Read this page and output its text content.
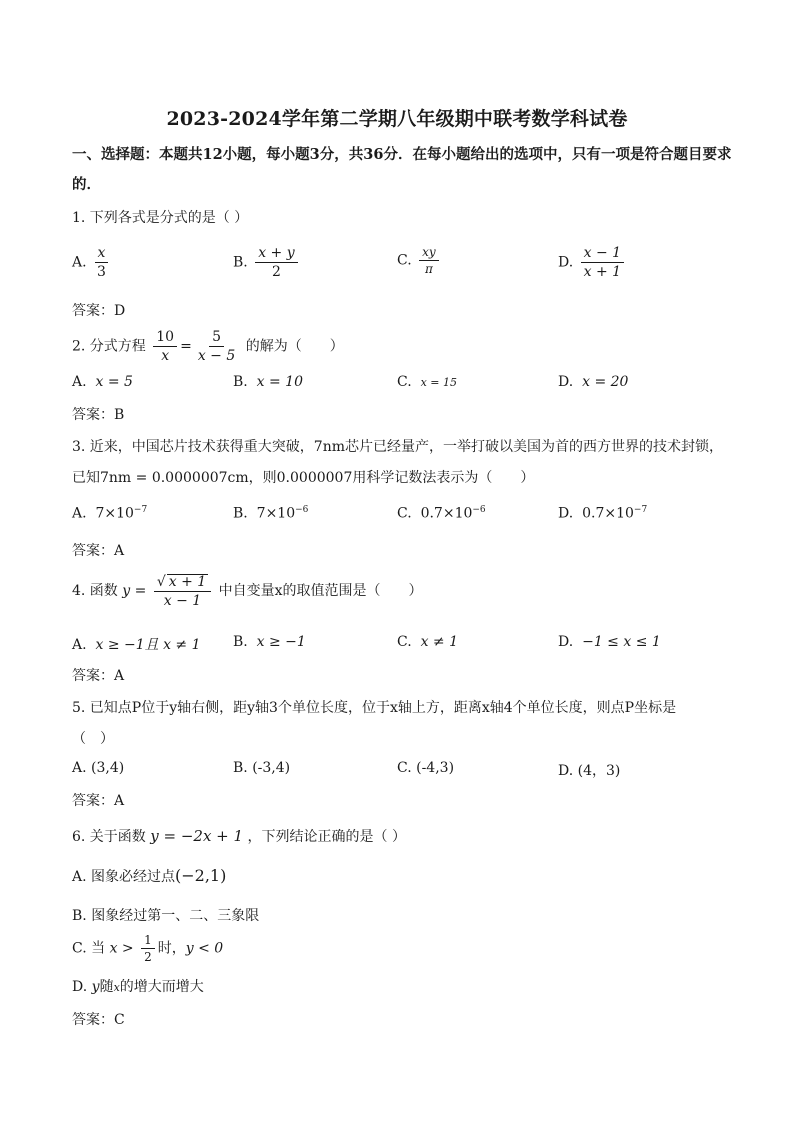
2023-2024学年第二学期八年级期中联考数学科试卷
一、选择题：本题共12小题，每小题3分，共36分．在每小题给出的选项中，只有一项是符合题目要求的．
1. 下列各式是分式的是（ ）
A. $\frac{x}{3}$	B. $\frac{x + y}{2}$	C. $\frac{xy}{\pi}$	D. $\frac{x - 1}{x + 1}$
答案：D
2. 分式方程 $\frac{10}{x} = \frac{5}{x - 5}$ 的解为（　　）
A. x = 5	B. x = 10	C. x = 15	D. x = 20
答案：B
3. 近来，中国芯片技术获得重大突破，7nm芯片已经量产，一举打破以美国为首的西方世界的技术封锁，
已知7nm = 0.0000007cm，则0.0000007用科学记数法表示为（　　）
A. $7\times 10^{-7}$	B. $7\times 10^{-6}$	C. $0.7\times 10^{-6}$	D. $0.7\times 10^{-7}$
答案：A
4. 函数 $y = \frac{√ x + 1}{x - 1}$ 中自变量x的取值范围是（　　）
A. x ≥ −1且 x ≠ 1 B. x ≥ −1	C. x ≠ 1	D. −1 ≤ x ≤ 1
答案：A
5. 已知点P位于y轴右侧，距y轴3个单位长度，位于x轴上方，距离x轴4个单位长度，则点P坐标是
（　）
A. (3,4)	B. (-3,4)	C. (-4,3)	D. (4，3)
答案：A
6. 关于函数 y = −2x + 1 ，下列结论正确的是（ ）
A. 图象必经过点(−2,1)
B. 图象经过第一、二、三象限
C. 当 $x > \frac{1}{2}$ 时，y < 0
D. y随x的增大而增大
答案：C
